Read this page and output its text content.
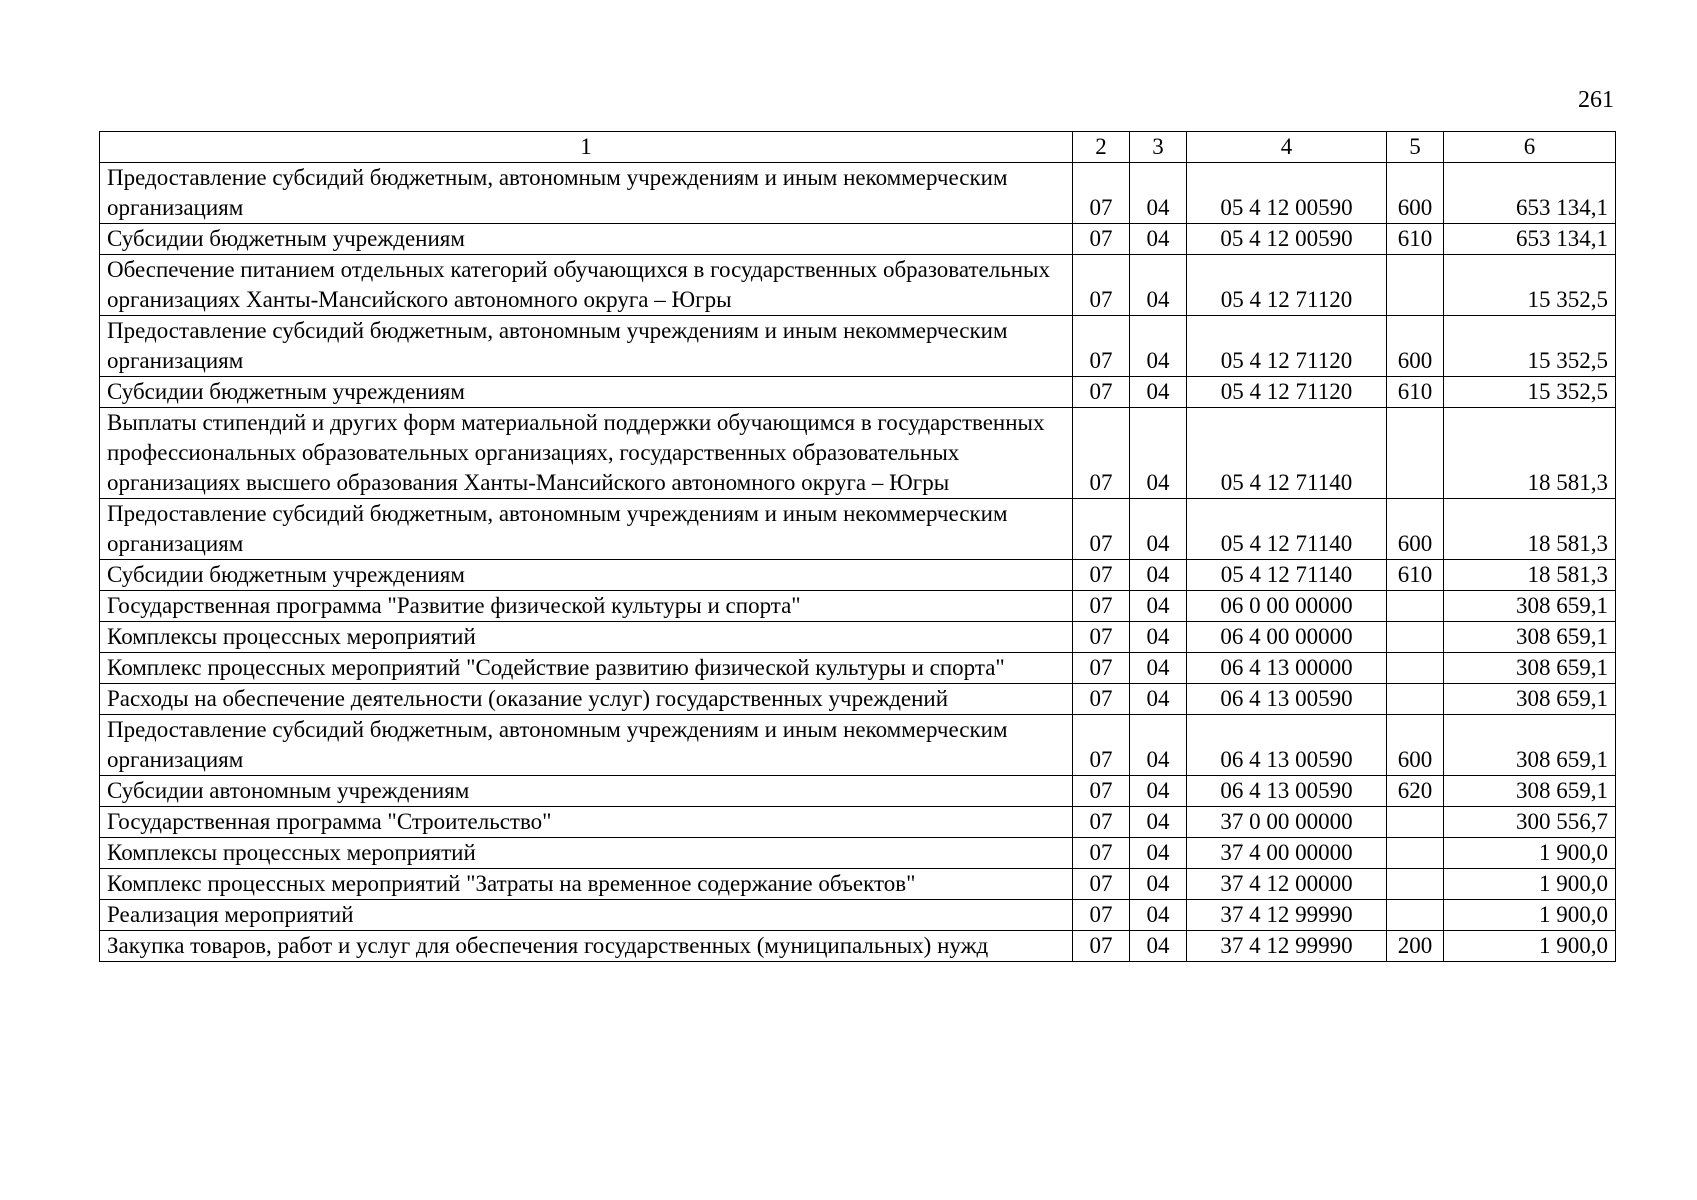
261
1	2	3	4	5	6
Предоставление субсидий бюджетным, автономным учреждениям и иным некоммерческим организациям	07	04	05 4 12 00590	600	653 134,1
Субсидии бюджетным учреждениям	07	04	05 4 12 00590	610	653 134,1
Обеспечение питанием отдельных категорий обучающихся в государственных образовательных организациях Ханты-Мансийского автономного округа – Югры	07	04	05 4 12 71120		15 352,5
Предоставление субсидий бюджетным, автономным учреждениям и иным некоммерческим организациям	07	04	05 4 12 71120	600	15 352,5
Субсидии бюджетным учреждениям	07	04	05 4 12 71120	610	15 352,5
Выплаты стипендий и других форм материальной поддержки обучающимся в государственных профессиональных образовательных организациях, государственных образовательных организациях высшего образования Ханты-Мансийского автономного округа – Югры	07	04	05 4 12 71140		18 581,3
Предоставление субсидий бюджетным, автономным учреждениям и иным некоммерческим организациям	07	04	05 4 12 71140	600	18 581,3
Субсидии бюджетным учреждениям	07	04	05 4 12 71140	610	18 581,3
Государственная программа "Развитие физической культуры и спорта"	07	04	06 0 00 00000		308 659,1
Комплексы процессных мероприятий	07	04	06 4 00 00000		308 659,1
Комплекс процессных мероприятий "Содействие развитию физической культуры и спорта"	07	04	06 4 13 00000		308 659,1
Расходы на обеспечение деятельности (оказание услуг) государственных учреждений	07	04	06 4 13 00590		308 659,1
Предоставление субсидий бюджетным, автономным учреждениям и иным некоммерческим организациям	07	04	06 4 13 00590	600	308 659,1
Субсидии автономным учреждениям	07	04	06 4 13 00590	620	308 659,1
Государственная программа "Строительство"	07	04	37 0 00 00000		300 556,7
Комплексы процессных мероприятий	07	04	37 4 00 00000		1 900,0
Комплекс процессных мероприятий "Затраты на временное содержание объектов"	07	04	37 4 12 00000		1 900,0
Реализация мероприятий	07	04	37 4 12 99990		1 900,0
Закупка товаров, работ и услуг для обеспечения государственных (муниципальных) нужд	07	04	37 4 12 99990	200	1 900,0
